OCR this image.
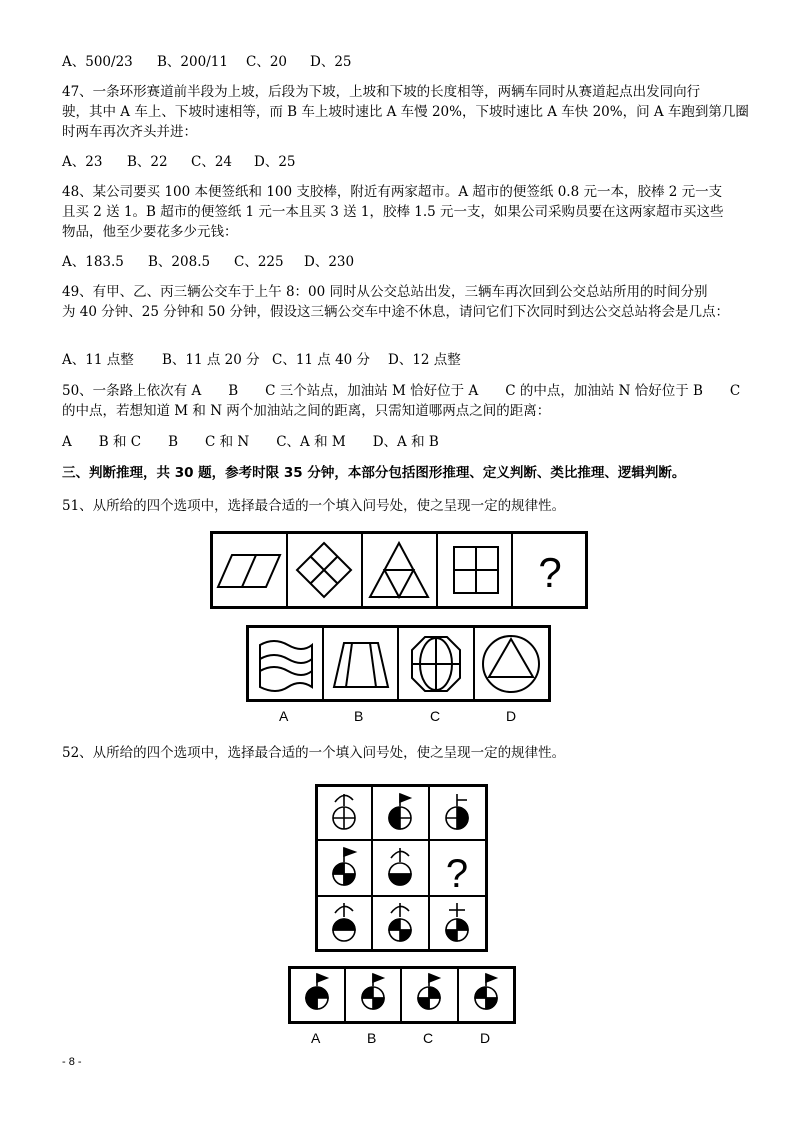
A、500/23 B、200/11 C、20 D、25
47、一条环形赛道前半段为上坡，后段为下坡，上坡和下坡的长度相等，两辆车同时从赛道起点出发同向行
驶，其中 A 车上、下坡时速相等，而 B 车上坡时速比 A 车慢 20%，下坡时速比 A 车快 20%，问 A 车跑到第几圈
时两车再次齐头并进：
A、23 B、22 C、24 D、25
48、某公司要买 100 本便签纸和 100 支胶棒，附近有两家超市。A 超市的便签纸 0.8 元一本，胶棒 2 元一支
且买 2 送 1。B 超市的便签纸 1 元一本且买 3 送 1，胶棒 1.5 元一支，如果公司采购员要在这两家超市买这些
物品，他至少要花多少元钱：
A、183.5 B、208.5 C、225 D、230
49、有甲、乙、丙三辆公交车于上午 8：00 同时从公交总站出发，三辆车再次回到公交总站所用的时间分别
为 40 分钟、25 分钟和 50 分钟，假设这三辆公交车中途不休息，请问它们下次同时到达公交总站将会是几点：
A、11 点整 B、11 点 20 分 C、11 点 40 分 D、12 点整
50、一条路上依次有 A　　B　　C 三个站点，加油站 M 恰好位于 A　　C 的中点，加油站 N 恰好位于 B　　C
的中点，若想知道 M 和 N 两个加油站之间的距离，只需知道哪两点之间的距离：
A　　B 和 C　　B　　C 和 N　　C、A 和 M　　D、A 和 B
三、判断推理，共 30 题，参考时限 35 分钟，本部分包括图形推理、定义判断、类比推理、逻辑判断。
51、从所给的四个选项中，选择最合适的一个填入问号处，使之呈现一定的规律性。
?
A	B	C	D
52、从所给的四个选项中，选择最合适的一个填入问号处，使之呈现一定的规律性。
?
A	B	C	D
- 8 -
